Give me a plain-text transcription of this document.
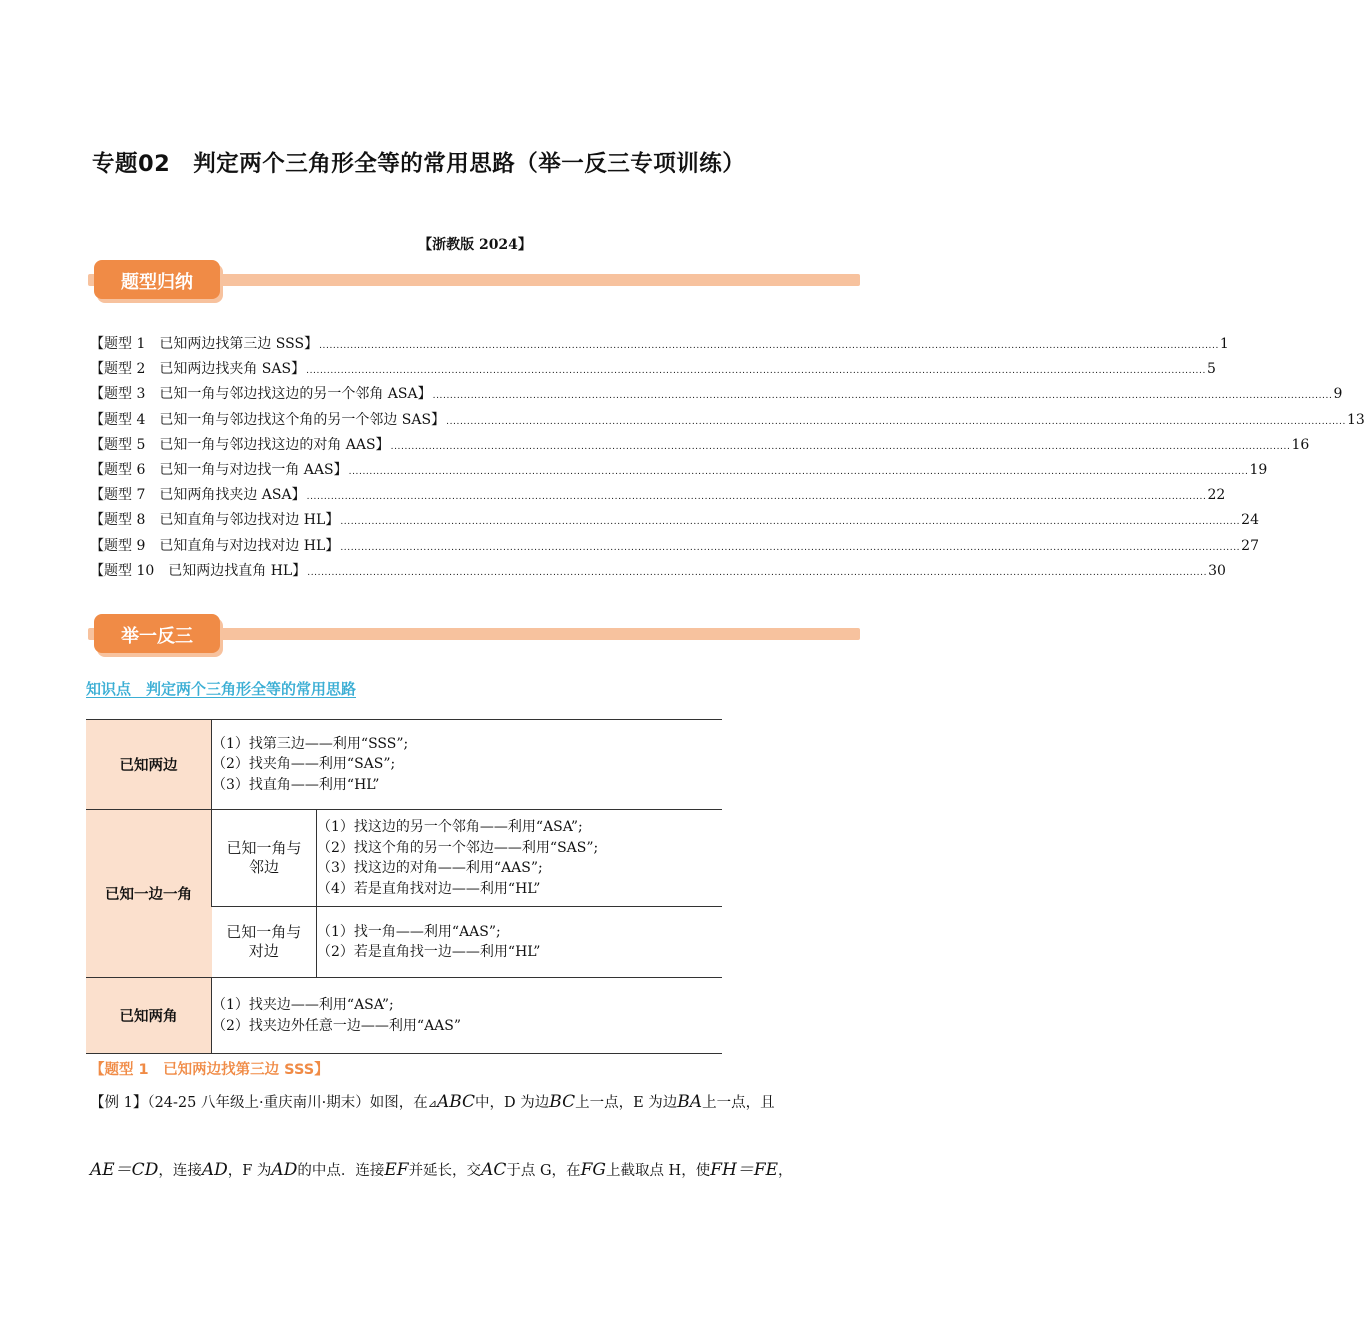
专题02　判定两个三角形全等的常用思路（举一反三专项训练）
【浙教版 2024】
题型归纳
【题型 1　已知两边找第三边 SSS】 .................................................................................................................................................................................................................................................................... 1
【题型 2　已知两边找夹角 SAS】 .................................................................................................................................................................................................................................................................... 5
【题型 3　已知一角与邻边找这边的另一个邻角 ASA】 .................................................................................................................................................................................................................................................................... 9
【题型 4　已知一角与邻边找这个角的另一个邻边 SAS】 .................................................................................................................................................................................................................................................................... 13
【题型 5　已知一角与邻边找这边的对角 AAS】 .................................................................................................................................................................................................................................................................... 16
【题型 6　已知一角与对边找一角 AAS】 .................................................................................................................................................................................................................................................................... 19
【题型 7　已知两角找夹边 ASA】 .................................................................................................................................................................................................................................................................... 22
【题型 8　已知直角与邻边找对边 HL】 .................................................................................................................................................................................................................................................................... 24
【题型 9　已知直角与对边找对边 HL】 .................................................................................................................................................................................................................................................................... 27
【题型 10　已知两边找直角 HL】 .................................................................................................................................................................................................................................................................... 30
举一反三
知识点　判定两个三角形全等的常用思路
已知两边	（1）找第三边——利用“SSS”;
（2）找夹角——利用“SAS”;
（3）找直角——利用“HL”	

已知一边一角	已知一角与邻边	（1）找这边的另一个邻角——利用“ASA”;
（2）找这个角的另一个邻边——利用“SAS”;
（3）找这边的对角——利用“AAS”;
（4）若是直角找对边——利用“HL”

	已知一角与对边	（1）找一角——利用“AAS”;
（2）若是直角找一边——利用“HL”

已知两角	（1）找夹边——利用“ASA”;
（2）找夹边外任意一边——利用“AAS”	
【题型 1　已知两边找第三边 SSS】
【例 1】（24-25 八年级上·重庆南川·期末）如图，在⊿ABC中，D 为边BC上一点，E 为边BA上一点，且
AE＝CD，连接AD，F 为AD的中点．连接EF并延长，交AC于点 G，在FG上截取点 H，使FH＝FE，
